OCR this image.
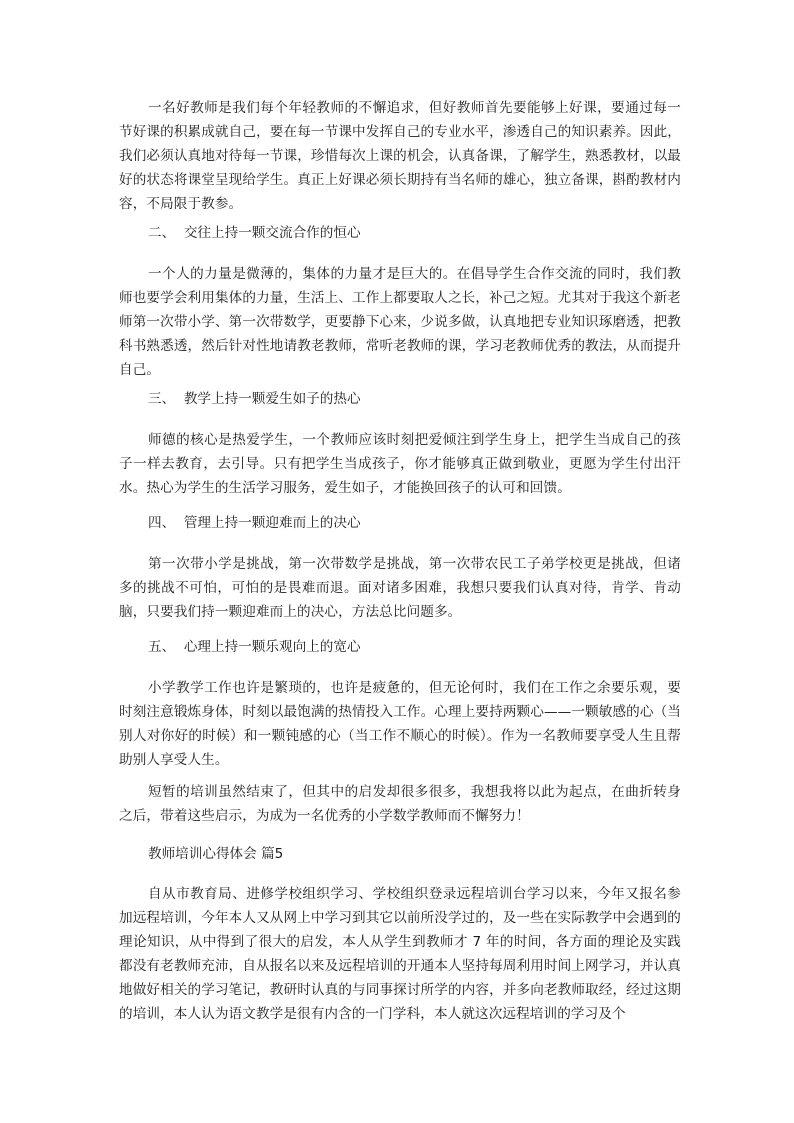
一名好教师是我们每个年轻教师的不懈追求，但好教师首先要能够上好课，要通过每一节好课的积累成就自己，要在每一节课中发挥自己的专业水平，渗透自己的知识素养。因此，我们必须认真地对待每一节课，珍惜每次上课的机会，认真备课，了解学生，熟悉教材，以最好的状态将课堂呈现给学生。真正上好课必须长期持有当名师的雄心，独立备课，斟酌教材内容，不局限于教参。

二、  交往上持一颗交流合作的恒心

一个人的力量是微薄的，集体的力量才是巨大的。在倡导学生合作交流的同时，我们教师也要学会利用集体的力量，生活上、工作上都要取人之长，补己之短。尤其对于我这个新老师第一次带小学、第一次带数学，更要静下心来，少说多做，认真地把专业知识琢磨透，把教科书熟悉透，然后针对性地请教老教师，常听老教师的课，学习老教师优秀的教法，从而提升自己。

三、  教学上持一颗爱生如子的热心

师德的核心是热爱学生，一个教师应该时刻把爱倾注到学生身上，把学生当成自己的孩子一样去教育，去引导。只有把学生当成孩子，你才能够真正做到敬业，更愿为学生付出汗水。热心为学生的生活学习服务，爱生如子，才能换回孩子的认可和回馈。

四、  管理上持一颗迎难而上的决心

第一次带小学是挑战，第一次带数学是挑战，第一次带农民工子弟学校更是挑战，但诸多的挑战不可怕，可怕的是畏难而退。面对诸多困难，我想只要我们认真对待，肯学、肯动脑，只要我们持一颗迎难而上的决心，方法总比问题多。

五、  心理上持一颗乐观向上的宽心

小学教学工作也许是繁琐的，也许是疲惫的，但无论何时，我们在工作之余要乐观，要时刻注意锻炼身体，时刻以最饱满的热情投入工作。心理上要持两颗心——一颗敏感的心（当别人对你好的时候）和一颗钝感的心（当工作不顺心的时候）。作为一名教师要享受人生且帮助别人享受人生。

短暂的培训虽然结束了，但其中的启发却很多很多，我想我将以此为起点，在曲折转身之后，带着这些启示，为成为一名优秀的小学数学教师而不懈努力！

教师培训心得体会 篇5

自从市教育局、进修学校组织学习、学校组织登录远程培训台学习以来，今年又报名参加远程培训，今年本人又从网上中学习到其它以前所没学过的，及一些在实际教学中会遇到的理论知识，从中得到了很大的启发，本人从学生到教师才 7 年的时间，各方面的理论及实践都没有老教师充沛，自从报名以来及远程培训的开通本人坚持每周利用时间上网学习，并认真地做好相关的学习笔记，教研时认真的与同事探讨所学的内容，并多向老教师取经，经过这期的培训，本人认为语文教学是很有内含的一门学科，本人就这次远程培训的学习及个
